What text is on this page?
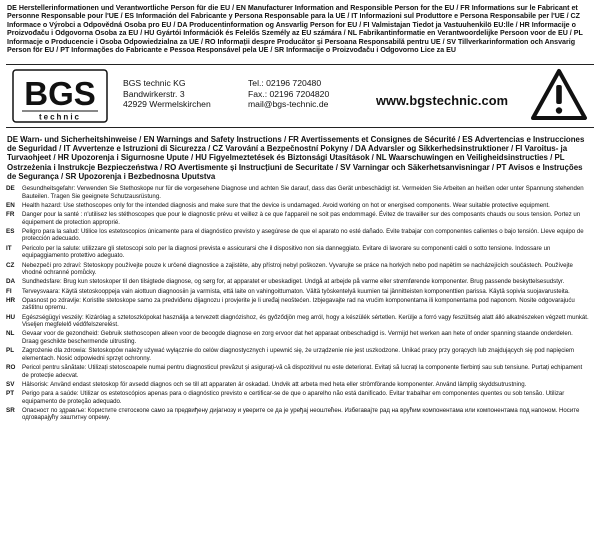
DE Herstellerinformationen und Verantwortliche Person für die EU / EN Manufacturer Information and Responsible Person for the EU / FR Informations sur le Fabricant et Personne Responsable pour l'UE / ES Información del Fabricante y Persona Responsable para la UE / IT Informazioni sul Produttore e Persona Responsabile per l'UE / CZ Informace o Výrobci a Odpovědná Osoba pro EU / DA Producentinformation og Ansvarlig Person for EU / FI Valmistajan Tiedot ja Vastuuhenkilö EU:lle / HR Informacije o Proizvođaču i Odgovorna Osoba za EU / HU Gyártói Információk és Felelős Személy az EU számára / NL Fabrikantinformatie en Verantwoordelijke Persoon voor de EU / PL Informacje o Producencie i Osoba Odpowiedzialna za UE / RO Informații despre Producător și Persoana Responsabilă pentru UE / SV Tillverkarinformation och Ansvarig Person för EU / PT Informações do Fabricante e Pessoa Responsável pela UE / SR Informacije o Proizvođaču i Odgovorno Lice za EU
BGS
technic
BGS technic KG
Bandwirkerstr. 3
42929 Wermelskirchen
Tel.: 02196 720480
Fax.: 02196 7204820
mail@bgs-technic.de	www.bgstechnic.com
DE Warn- und Sicherheitshinweise / EN Warnings and Safety Instructions / FR Avertissements et Consignes de Sécurité / ES Advertencias e Instrucciones de Seguridad / IT Avvertenze e Istruzioni di Sicurezza / CZ Varování a Bezpečnostní Pokyny / DA Advarsler og Sikkerhedsinstruktioner / FI Varoitus- ja Turvaohjeet / HR Upozorenja i Sigurnosne Upute / HU Figyelmeztetések és Biztonsági Utasítások / NL Waarschuwingen en Veiligheidsinstructies / PL Ostrzeżenia i Instrukcje Bezpieczeństwa / RO Avertismente și Instrucțiuni de Securitate / SV Varningar och Säkerhetsanvisningar / PT Avisos e Instruções de Segurança / SR Upozorenja i Bezbednosna Uputstva
DE	Gesundheitsgefahr: Verwenden Sie Stethoskope nur für die vorgesehene Diagnose und achten Sie darauf, dass das Gerät unbeschädigt ist. Vermeiden Sie Arbeiten an heißen oder unter Spannung stehenden Bauteilen. Tragen Sie geeignete Schutzausrüstung.
EN	Health hazard: Use stethoscopes only for the intended diagnosis and make sure that the device is undamaged. Avoid working on hot or energised components. Wear suitable protective equipment.
FR	Danger pour la santé : n'utilisez les stéthoscopes que pour le diagnostic prévu et veillez à ce que l'appareil ne soit pas endommagé. Évitez de travailler sur des composants chauds ou sous tension. Portez un équipement de protection approprié.
ES	Peligro para la salud: Utilice los estetoscopios únicamente para el diagnóstico previsto y asegúrese de que el aparato no esté dañado. Evite trabajar con componentes calientes o bajo tensión. Lleve equipo de protección adecuado.
IT	Pericolo per la salute: utilizzare gli stetoscopi solo per la diagnosi prevista e assicurarsi che il dispositivo non sia danneggiato. Evitare di lavorare su componenti caldi o sotto tensione. Indossare un equipaggiamento protettivo adeguato.
CZ	Nebezpečí pro zdraví: Stetoskopy používejte pouze k určené diagnostice a zajistěte, aby přístroj nebyl poškozen. Vyvarujte se práce na horkých nebo pod napětím se nacházejících součástech. Používejte vhodné ochranné pomůcky.
DA	Sundhedsfare: Brug kun stetoskoper til den tilsigtede diagnose, og sørg for, at apparatet er ubeskadiget. Undgå at arbejde på varme eller strømførende komponenter. Brug passende beskyttelsesudstyr.
FI	Terveysvaara: Käytä stetoskooppeja vain aiottuun diagnoosiin ja varmista, että laite on vahingoittumaton. Vältä työskentelyä kuumien tai jännitteisten komponenttien parissa. Käytä sopivia suojavarusteita.
HR	Opasnost po zdravlje: Koristite stetoskope samo za predviđenu dijagnozu i provjerite je li uređaj neoštećen. Izbjegavajte rad na vrućim komponentama ili komponentama pod naponom. Nosite odgovarajuću zaštitnu opremu.
HU	Egészségügyi veszély: Kizárólag a sztetoszkópokat használja a tervezett diagnózishoz, és győződjön meg arról, hogy a készülék sértetlen. Kerülje a forró vagy feszültség alatt álló alkatrészeken végzett munkát. Viseljen megfelelő védőfelszerelést.
NL	Gevaar voor de gezondheid: Gebruik stethoscopen alleen voor de beoogde diagnose en zorg ervoor dat het apparaat onbeschadigd is. Vermijd het werken aan hete of onder spanning staande onderdelen. Draag geschikte beschermende uitrusting.
PL	Zagrożenie dla zdrowia: Stetoskopów należy używać wyłącznie do celów diagnostycznych i upewnić się, że urządzenie nie jest uszkodzone. Unikać pracy przy gorących lub znajdujących się pod napięciem elementach. Nosić odpowiedni sprzęt ochronny.
RO	Pericol pentru sănătate: Utilizați stetoscoapele numai pentru diagnosticul prevăzut și asigurați-vă că dispozitivul nu este deteriorat. Evitați să lucrați la componente fierbinți sau sub tensiune. Purtați echipament de protecție adecvat.
SV	Hälsorisk: Använd endast stetoskop för avsedd diagnos och se till att apparaten är oskadad. Undvik att arbeta med heta eller strömförande komponenter. Använd lämplig skyddsutrustning.
PT	Perigo para a saúde: Utilizar os estetoscópios apenas para o diagnóstico previsto e certificar-se de que o aparelho não está danificado. Evitar trabalhar em componentes quentes ou sob tensão. Utilizar equipamento de proteção adequado.
SR	Опасност по здравље: Користите стетоскопе само за предвиђену дијагнозу и уверите се да је уређај неоштећен. Избегавајте рад на врућим компонентама или компонентама под напоном. Носите одговарајућу заштитну опрему.
